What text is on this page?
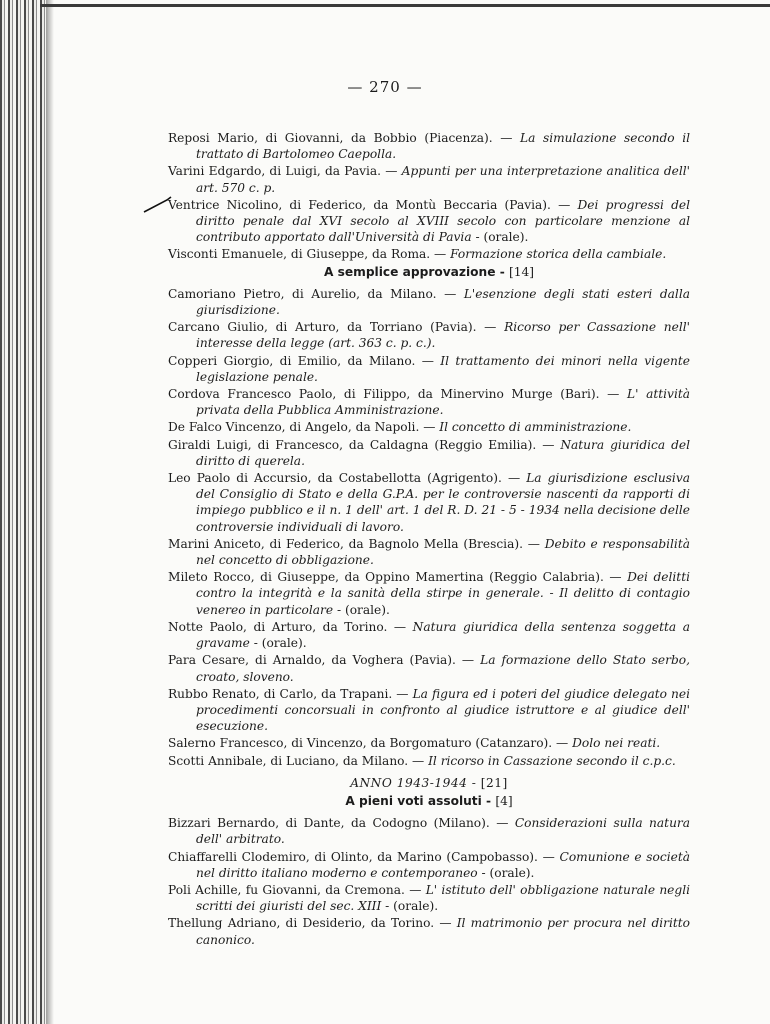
— 270 —
Reposi Mario, di Giovanni, da Bobbio (Piacenza). — La simulazione secondo il trattato di Bartolomeo Caepolla.
Varini Edgardo, di Luigi, da Pavia. — Appunti per una interpretazione analitica dell' art. 570 c. p.
Ventrice Nicolino, di Federico, da Montù Beccaria (Pavia). — Dei progressi del diritto penale dal XVI secolo al XVIII secolo con particolare menzione al contributo apportato dall'Università di Pavia - (orale).
Visconti Emanuele, di Giuseppe, da Roma. — Formazione storica della cambiale.
A semplice approvazione - [14]
Camoriano Pietro, di Aurelio, da Milano. — L'esenzione degli stati esteri dalla giurisdizione.
Carcano Giulio, di Arturo, da Torriano (Pavia). — Ricorso per Cassazione nell' interesse della legge (art. 363 c. p. c.).
Copperi Giorgio, di Emilio, da Milano. — Il trattamento dei minori nella vigente legislazione penale.
Cordova Francesco Paolo, di Filippo, da Minervino Murge (Bari). — L' attività privata della Pubblica Amministrazione.
De Falco Vincenzo, di Angelo, da Napoli. — Il concetto di amministrazione.
Giraldi Luigi, di Francesco, da Caldagna (Reggio Emilia). — Natura giuridica del diritto di querela.
Leo Paolo di Accursio, da Costabellotta (Agrigento). — La giurisdizione esclusiva del Consiglio di Stato e della G.P.A. per le controversie nascenti da rapporti di impiego pubblico e il n. 1 dell' art. 1 del R. D. 21 - 5 - 1934 nella decisione delle controversie individuali di lavoro.
Marini Aniceto, di Federico, da Bagnolo Mella (Brescia). — Debito e responsabilità nel concetto di obbligazione.
Mileto Rocco, di Giuseppe, da Oppino Mamertina (Reggio Calabria). — Dei delitti contro la integrità e la sanità della stirpe in generale. - Il delitto di contagio venereo in particolare - (orale).
Notte Paolo, di Arturo, da Torino. — Natura giuridica della sentenza soggetta a gravame - (orale).
Para Cesare, di Arnaldo, da Voghera (Pavia). — La formazione dello Stato serbo, croato, sloveno.
Rubbo Renato, di Carlo, da Trapani. — La figura ed i poteri del giudice delegato nei procedimenti concorsuali in confronto al giudice istruttore e al giudice dell' esecuzione.
Salerno Francesco, di Vincenzo, da Borgomaturo (Catanzaro). — Dolo nei reati.
Scotti Annibale, di Luciano, da Milano. — Il ricorso in Cassazione secondo il c.p.c.
ANNO 1943-1944 - [21]
A pieni voti assoluti - [4]
Bizzari Bernardo, di Dante, da Codogno (Milano). — Considerazioni sulla natura dell' arbitrato.
Chiaffarelli Clodemiro, di Olinto, da Marino (Campobasso). — Comunione e società nel diritto italiano moderno e contemporaneo - (orale).
Poli Achille, fu Giovanni, da Cremona. — L' istituto dell' obbligazione naturale negli scritti dei giuristi del sec. XIII - (orale).
Thellung Adriano, di Desiderio, da Torino. — Il matrimonio per procura nel diritto canonico.
